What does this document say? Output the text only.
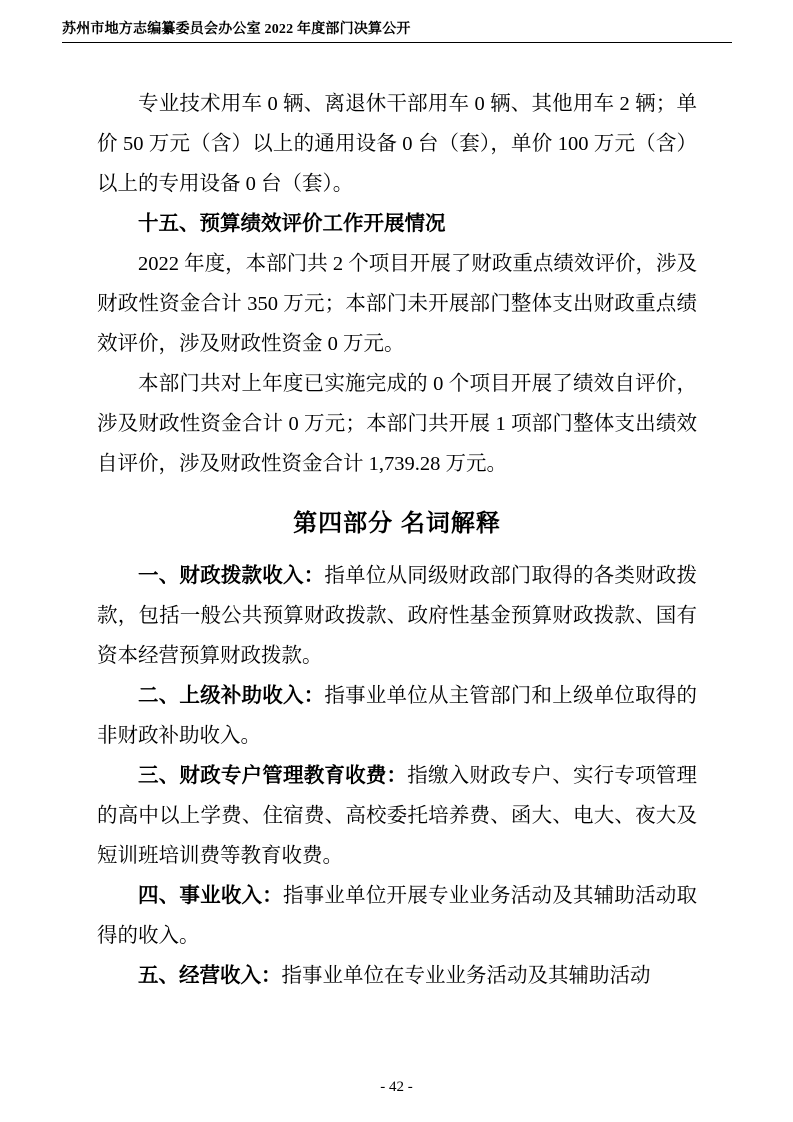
苏州市地方志编纂委员会办公室 2022 年度部门决算公开

专业技术用车 0 辆、离退休干部用车 0 辆、其他用车 2 辆；单价 50 万元（含）以上的通用设备 0 台（套），单价 100 万元（含）以上的专用设备 0 台（套）。

十五、预算绩效评价工作开展情况

2022 年度，本部门共 2 个项目开展了财政重点绩效评价，涉及财政性资金合计 350 万元；本部门未开展部门整体支出财政重点绩效评价，涉及财政性资金 0 万元。

本部门共对上年度已实施完成的 0 个项目开展了绩效自评价，涉及财政性资金合计 0 万元；本部门共开展 1 项部门整体支出绩效自评价，涉及财政性资金合计 1,739.28 万元。

第四部分 名词解释

一、财政拨款收入：指单位从同级财政部门取得的各类财政拨款，包括一般公共预算财政拨款、政府性基金预算财政拨款、国有资本经营预算财政拨款。

二、上级补助收入：指事业单位从主管部门和上级单位取得的非财政补助收入。

三、财政专户管理教育收费：指缴入财政专户、实行专项管理的高中以上学费、住宿费、高校委托培养费、函大、电大、夜大及短训班培训费等教育收费。

四、事业收入：指事业单位开展专业业务活动及其辅助活动取得的收入。

五、经营收入：指事业单位在专业业务活动及其辅助活动

- 42 -
